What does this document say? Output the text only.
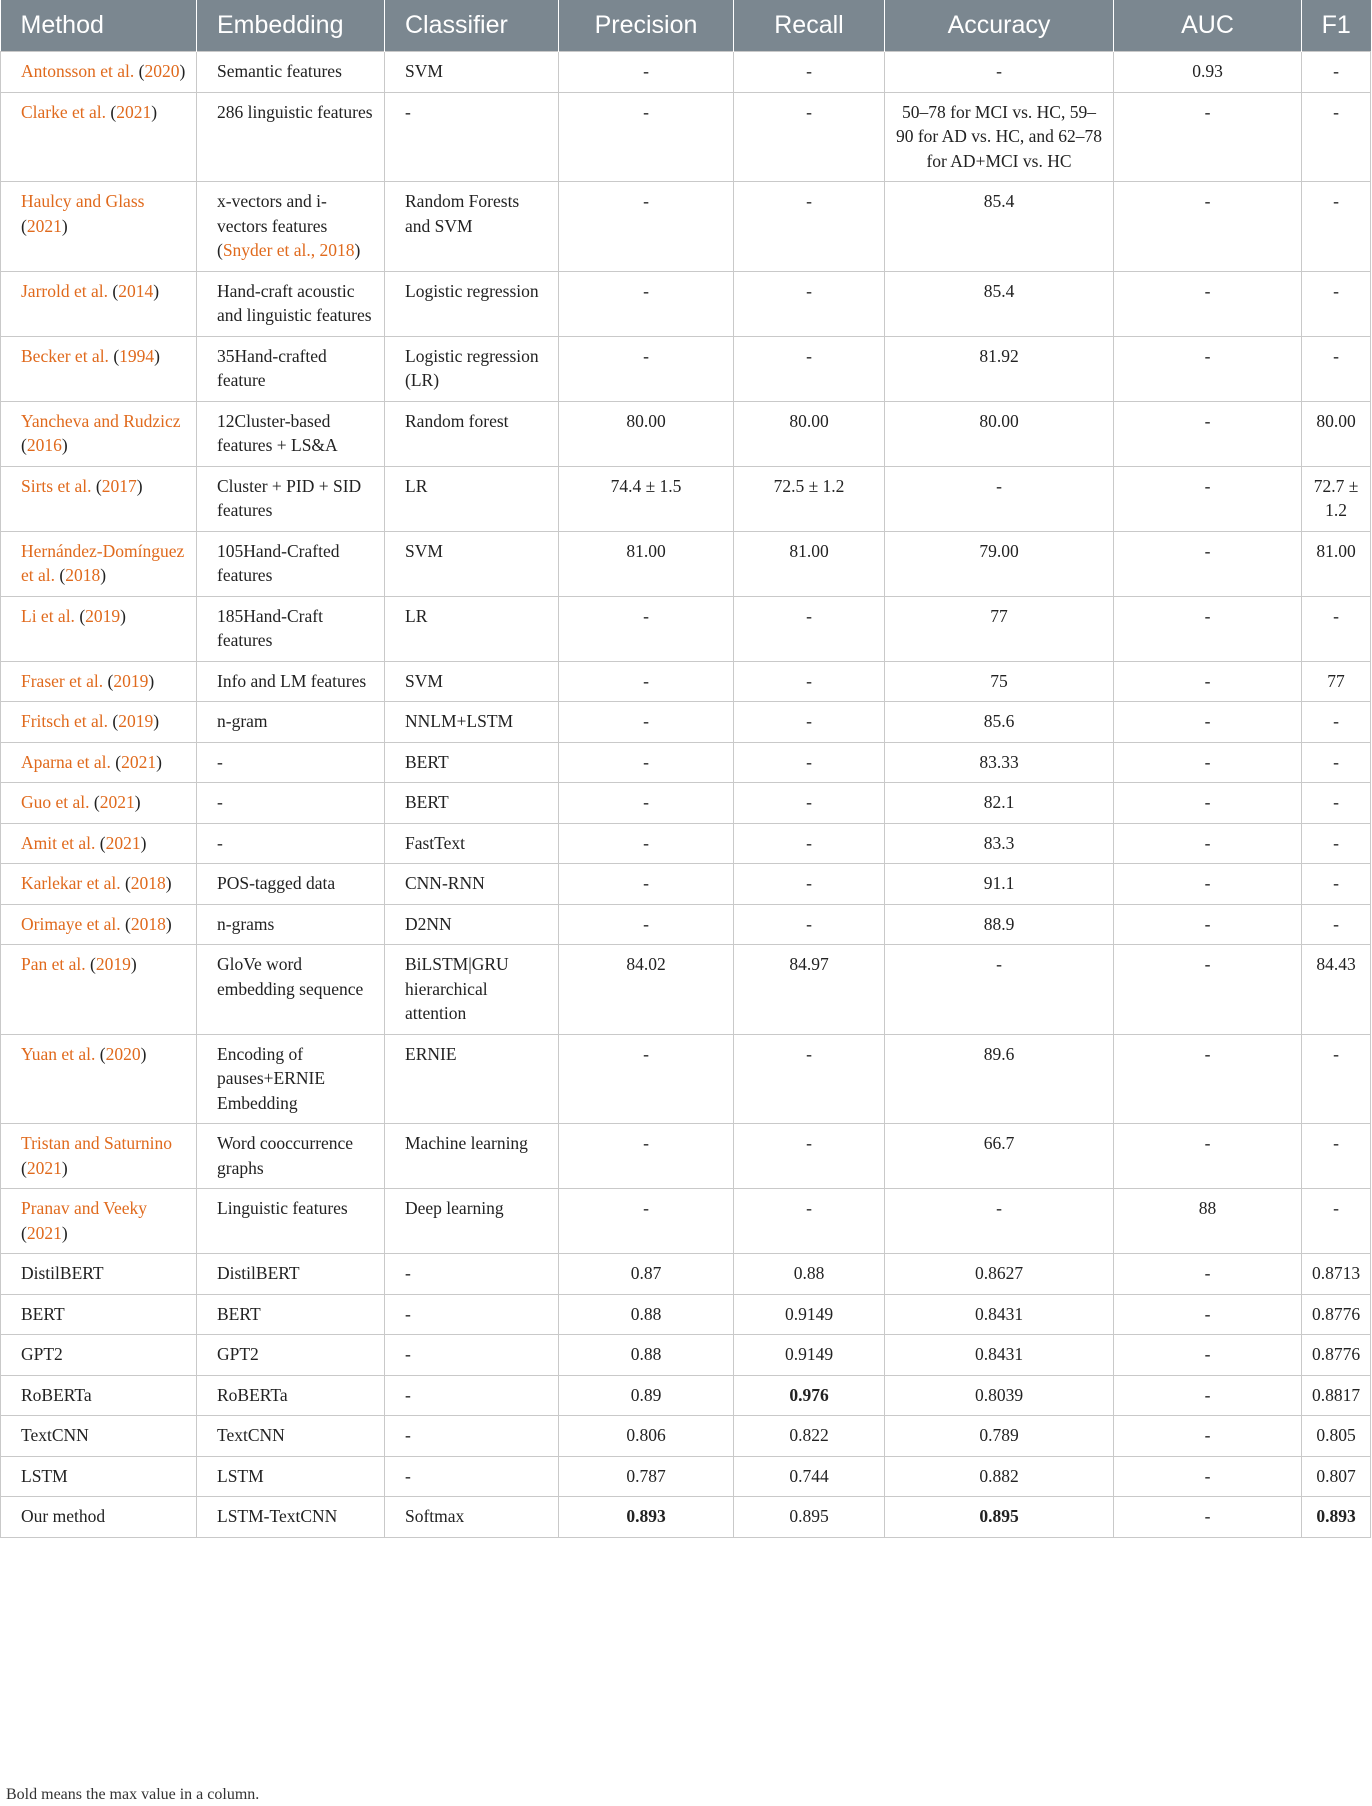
Method	Embedding	Classifier	Precision	Recall	Accuracy	AUC	F1
Antonsson et al. (2020)	Semantic features	SVM	-	-	-	0.93	-
Clarke et al. (2021)	286 linguistic features	-	-	-	50–78 for MCI vs. HC, 59–90 for AD vs. HC, and 62–78 for AD+MCI vs. HC	-	-
Haulcy and Glass (2021)	x-vectors and i-vectors features (Snyder et al., 2018)	Random Forests and SVM	-	-	85.4	-	-
Jarrold et al. (2014)	Hand-craft acoustic and linguistic features	Logistic regression	-	-	85.4	-	-
Becker et al. (1994)	35Hand-crafted feature	Logistic regression (LR)	-	-	81.92	-	-
Yancheva and Rudzicz (2016)	12Cluster-based features + LS&A	Random forest	80.00	80.00	80.00	-	80.00
Sirts et al. (2017)	Cluster + PID + SID features	LR	74.4 ± 1.5	72.5 ± 1.2	-	-	72.7 ± 1.2
Hernández-Domínguez et al. (2018)	105Hand-Crafted features	SVM	81.00	81.00	79.00	-	81.00
Li et al. (2019)	185Hand-Craft features	LR	-	-	77	-	-
Fraser et al. (2019)	Info and LM features	SVM	-	-	75	-	77
Fritsch et al. (2019)	n-gram	NNLM+LSTM	-	-	85.6	-	-
Aparna et al. (2021)	-	BERT	-	-	83.33	-	-
Guo et al. (2021)	-	BERT	-	-	82.1	-	-
Amit et al. (2021)	-	FastText	-	-	83.3	-	-
Karlekar et al. (2018)	POS-tagged data	CNN-RNN	-	-	91.1	-	-
Orimaye et al. (2018)	n-grams	D2NN	-	-	88.9	-	-
Pan et al. (2019)	GloVe word embedding sequence	BiLSTM|GRU hierarchical attention	84.02	84.97	-	-	84.43
Yuan et al. (2020)	Encoding of pauses+ERNIE Embedding	ERNIE	-	-	89.6	-	-
Tristan and Saturnino (2021)	Word cooccurrence graphs	Machine learning	-	-	66.7	-	-
Pranav and Veeky (2021)	Linguistic features	Deep learning	-	-	-	88	-
DistilBERT	DistilBERT	-	0.87	0.88	0.8627	-	0.8713
BERT	BERT	-	0.88	0.9149	0.8431	-	0.8776
GPT2	GPT2	-	0.88	0.9149	0.8431	-	0.8776
RoBERTa	RoBERTa	-	0.89	0.976	0.8039	-	0.8817
TextCNN	TextCNN	-	0.806	0.822	0.789	-	0.805
LSTM	LSTM	-	0.787	0.744	0.882	-	0.807
Our method	LSTM-TextCNN	Softmax	0.893	0.895	0.895	-	0.893
Bold means the max value in a column.
